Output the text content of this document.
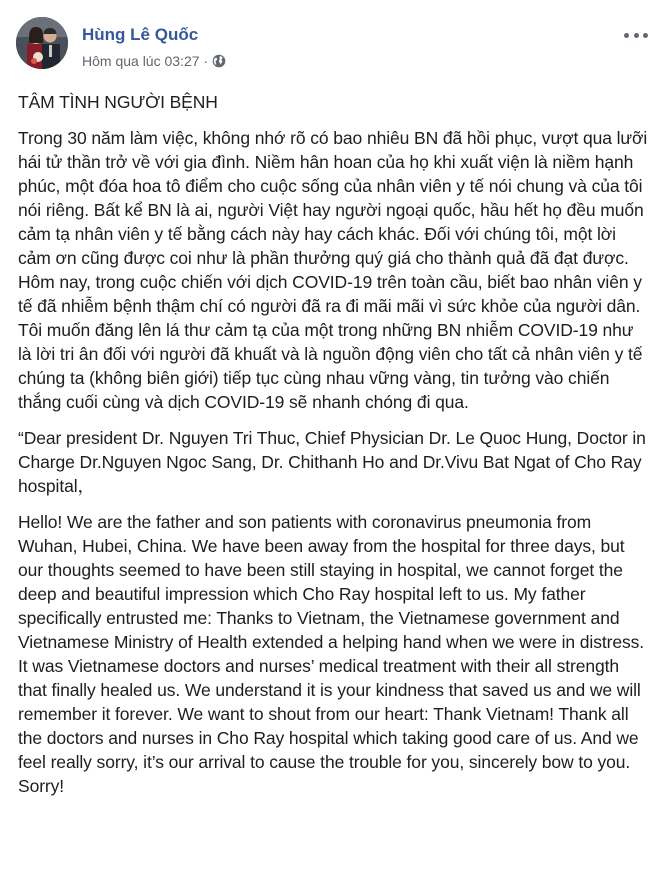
Hùng Lê Quốc
Hôm qua lúc 03:27 ·

TÂM TÌNH NGƯỜI BỆNH

Trong 30 năm làm việc, không nhớ rõ có bao nhiêu BN đã hồi phục, vượt qua lưỡi hái tử thần trở về với gia đình. Niềm hân hoan của họ khi xuất viện là niềm hạnh phúc, một đóa hoa tô điểm cho cuộc sống của nhân viên y tế nói chung và của tôi nói riêng. Bất kể BN là ai, người Việt hay người ngoại quốc, hầu hết họ đều muốn cảm tạ nhân viên y tế bằng cách này hay cách khác. Đối với chúng tôi, một lời cảm ơn cũng được coi như là phần thưởng quý giá cho thành quả đã đạt được.

Hôm nay, trong cuộc chiến với dịch COVID-19 trên toàn cầu, biết bao nhân viên y tế đã nhiễm bệnh thậm chí có người đã ra đi mãi mãi vì sức khỏe của người dân. Tôi muốn đăng lên lá thư cảm tạ của một trong những BN nhiễm COVID-19 như là lời tri ân đối với người đã khuất và là nguồn động viên cho tất cả nhân viên y tế chúng ta (không biên giới) tiếp tục cùng nhau vững vàng, tin tưởng vào chiến thắng cuối cùng và dịch COVID-19 sẽ nhanh chóng đi qua.

“Dear president Dr. Nguyen Tri Thuc, Chief Physician Dr. Le Quoc Hung, Doctor in Charge Dr.Nguyen Ngoc Sang, Dr. Chithanh Ho and Dr.Vivu Bat Ngat of Cho Ray hospital，

Hello! We are the father and son patients with coronavirus pneumonia from Wuhan, Hubei, China. We have been away from the hospital for three days, but our thoughts seemed to have been still staying in hospital, we cannot forget the deep and beautiful impression which Cho Ray hospital left to us. My father specifically entrusted me: Thanks to Vietnam, the Vietnamese government and Vietnamese Ministry of Health extended a helping hand when we were in distress. It was Vietnamese doctors and nurses’ medical treatment with their all strength that finally healed us. We understand it is your kindness that saved us and we will remember it forever. We want to shout from our heart: Thank Vietnam! Thank all the doctors and nurses in Cho Ray hospital which taking good care of us. And we feel really sorry, it’s our arrival to cause the trouble for you, sincerely bow to you. Sorry!
